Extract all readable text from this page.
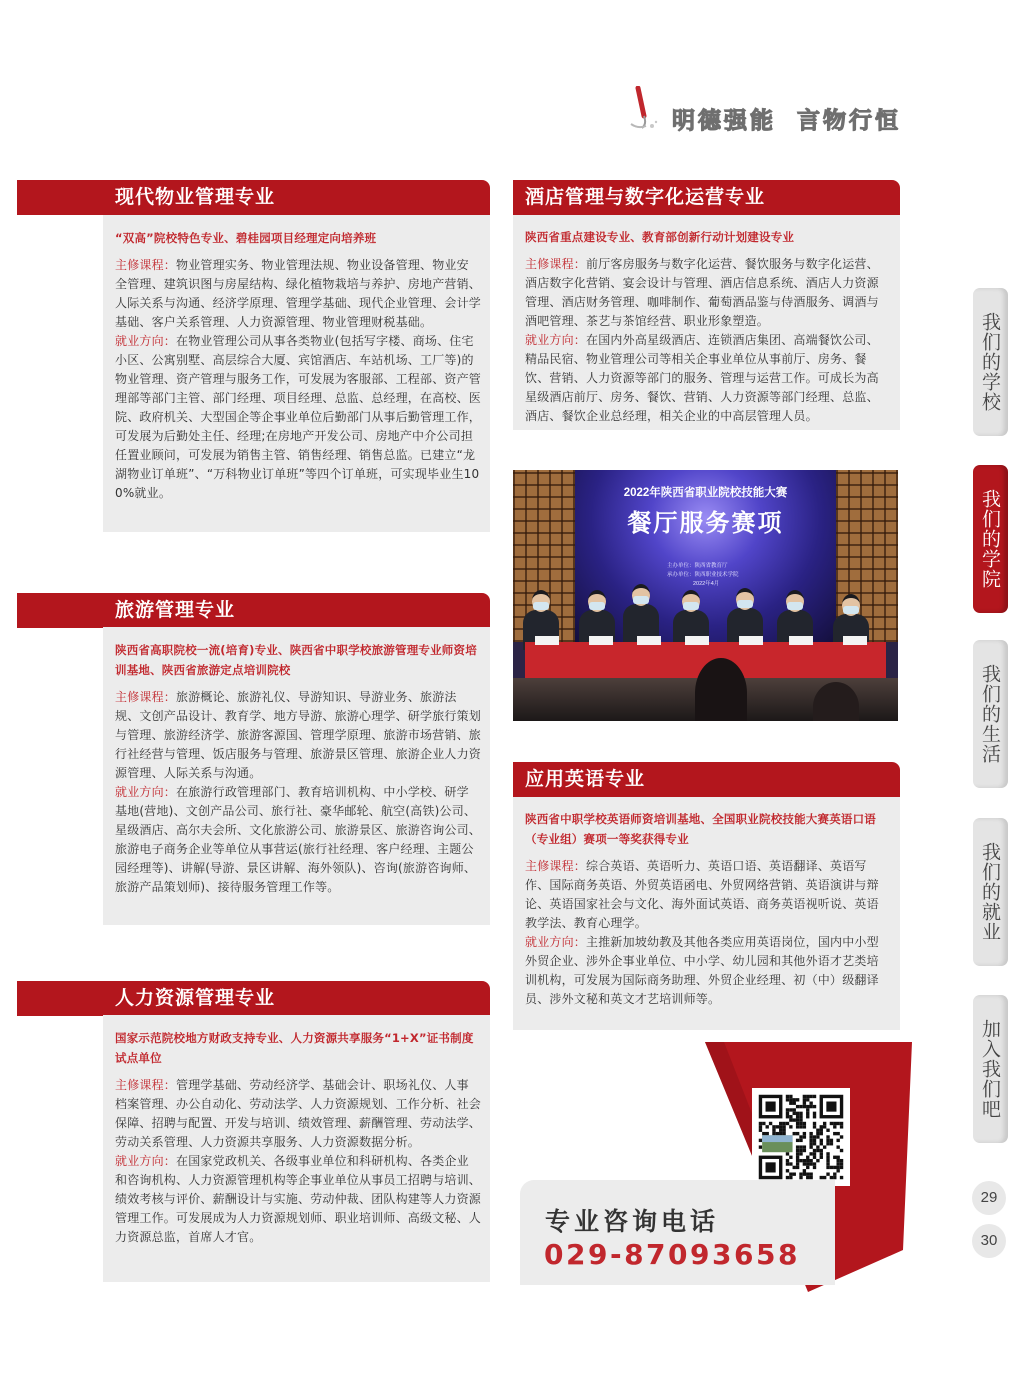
明德强能 言物行恒
现代物业管理专业

“双高”院校特色专业、碧桂园项目经理定向培养班

主修课程：物业管理实务、物业管理法规、物业设备管理、物业安全管理、建筑识图与房屋结构、绿化植物栽培与养护、房地产营销、人际关系与沟通、经济学原理、管理学基础、现代企业管理、会计学基础、客户关系管理、人力资源管理、物业管理财税基础。

就业方向：在物业管理公司从事各类物业(包括写字楼、商场、住宅小区、公寓别墅、高层综合大厦、宾馆酒店、车站机场、工厂等)的物业管理、资产管理与服务工作，可发展为客服部、工程部、资产管理部等部门主管、部门经理、项目经理、总监、总经理，在高校、医院、政府机关、大型国企等企事业单位后勤部门从事后勤管理工作，可发展为后勤处主任、经理;在房地产开发公司、房地产中介公司担任置业顾问，可发展为销售主管、销售经理、销售总监。已建立“龙湖物业订单班”、“万科物业订单班”等四个订单班，可实现毕业生100%就业。

旅游管理专业

陕西省高职院校一流(培育)专业、陕西省中职学校旅游管理专业师资培训基地、陕西省旅游定点培训院校

主修课程：旅游概论、旅游礼仪、导游知识、导游业务、旅游法规、文创产品设计、教育学、地方导游、旅游心理学、研学旅行策划与管理、旅游经济学、旅游客源国、管理学原理、旅游市场营销、旅行社经营与管理、饭店服务与管理、旅游景区管理、旅游企业人力资源管理、人际关系与沟通。

就业方向：在旅游行政管理部门、教育培训机构、中小学校、研学基地(营地)、文创产品公司、旅行社、豪华邮轮、航空(高铁)公司、星级酒店、高尔夫会所、文化旅游公司、旅游景区、旅游咨询公司、旅游电子商务企业等单位从事营运(旅行社经理、客户经理、主题公园经理等)、讲解(导游、景区讲解、海外领队)、咨询(旅游咨询师、旅游产品策划师)、接待服务管理工作等。

人力资源管理专业

国家示范院校地方财政支持专业、人力资源共享服务“1+X”证书制度试点单位

主修课程：管理学基础、劳动经济学、基础会计、职场礼仪、人事档案管理、办公自动化、劳动法学、人力资源规划、工作分析、社会保障、招聘与配置、开发与培训、绩效管理、薪酬管理、劳动法学、劳动关系管理、人力资源共享服务、人力资源数据分析。

就业方向：在国家党政机关、各级事业单位和科研机构、各类企业和咨询机构、人力资源管理机构等企事业单位从事员工招聘与培训、绩效考核与评价、薪酬设计与实施、劳动仲裁、团队构建等人力资源管理工作。可发展成为人力资源规划师、职业培训师、高级文秘、人力资源总监，首席人才官。

酒店管理与数字化运营专业

陕西省重点建设专业、教育部创新行动计划建设专业

主修课程：前厅客房服务与数字化运营、餐饮服务与数字化运营、酒店数字化营销、宴会设计与管理、酒店信息系统、酒店人力资源管理、酒店财务管理、咖啡制作、葡萄酒品鉴与侍酒服务、调酒与酒吧管理、茶艺与茶馆经营、职业形象塑造。

就业方向：在国内外高星级酒店、连锁酒店集团、高端餐饮公司、精品民宿、物业管理公司等相关企事业单位从事前厅、房务、餐饮、营销、人力资源等部门的服务、管理与运营工作。可成长为高星级酒店前厅、房务、餐饮、营销、人力资源等部门经理、总监、酒店、餐饮企业总经理，相关企业的中高层管理人员。

2022年陕西省职业院校技能大赛
餐厅服务赛项
主办单位：陕西省教育厅
承办单位：陕西职业技术学院
2022年4月
应用英语专业

陕西省中职学校英语师资培训基地、全国职业院校技能大赛英语口语（专业组）赛项一等奖获得专业

主修课程：综合英语、英语听力、英语口语、英语翻译、英语写作、国际商务英语、外贸英语函电、外贸网络营销、英语演讲与辩论、英语国家社会与文化、海外面试英语、商务英语视听说、英语教学法、教育心理学。

就业方向：主推新加坡幼教及其他各类应用英语岗位，国内中小型外贸企业、涉外企事业单位、中小学、幼儿园和其他外语才艺类培训机构，可发展为国际商务助理、外贸企业经理、初（中）级翻译员、涉外文秘和英文才艺培训师等。

专业咨询电话
029-87093658
我们的学校
我们的学院
我们的生活
我们的就业
加入我们吧
29
30
